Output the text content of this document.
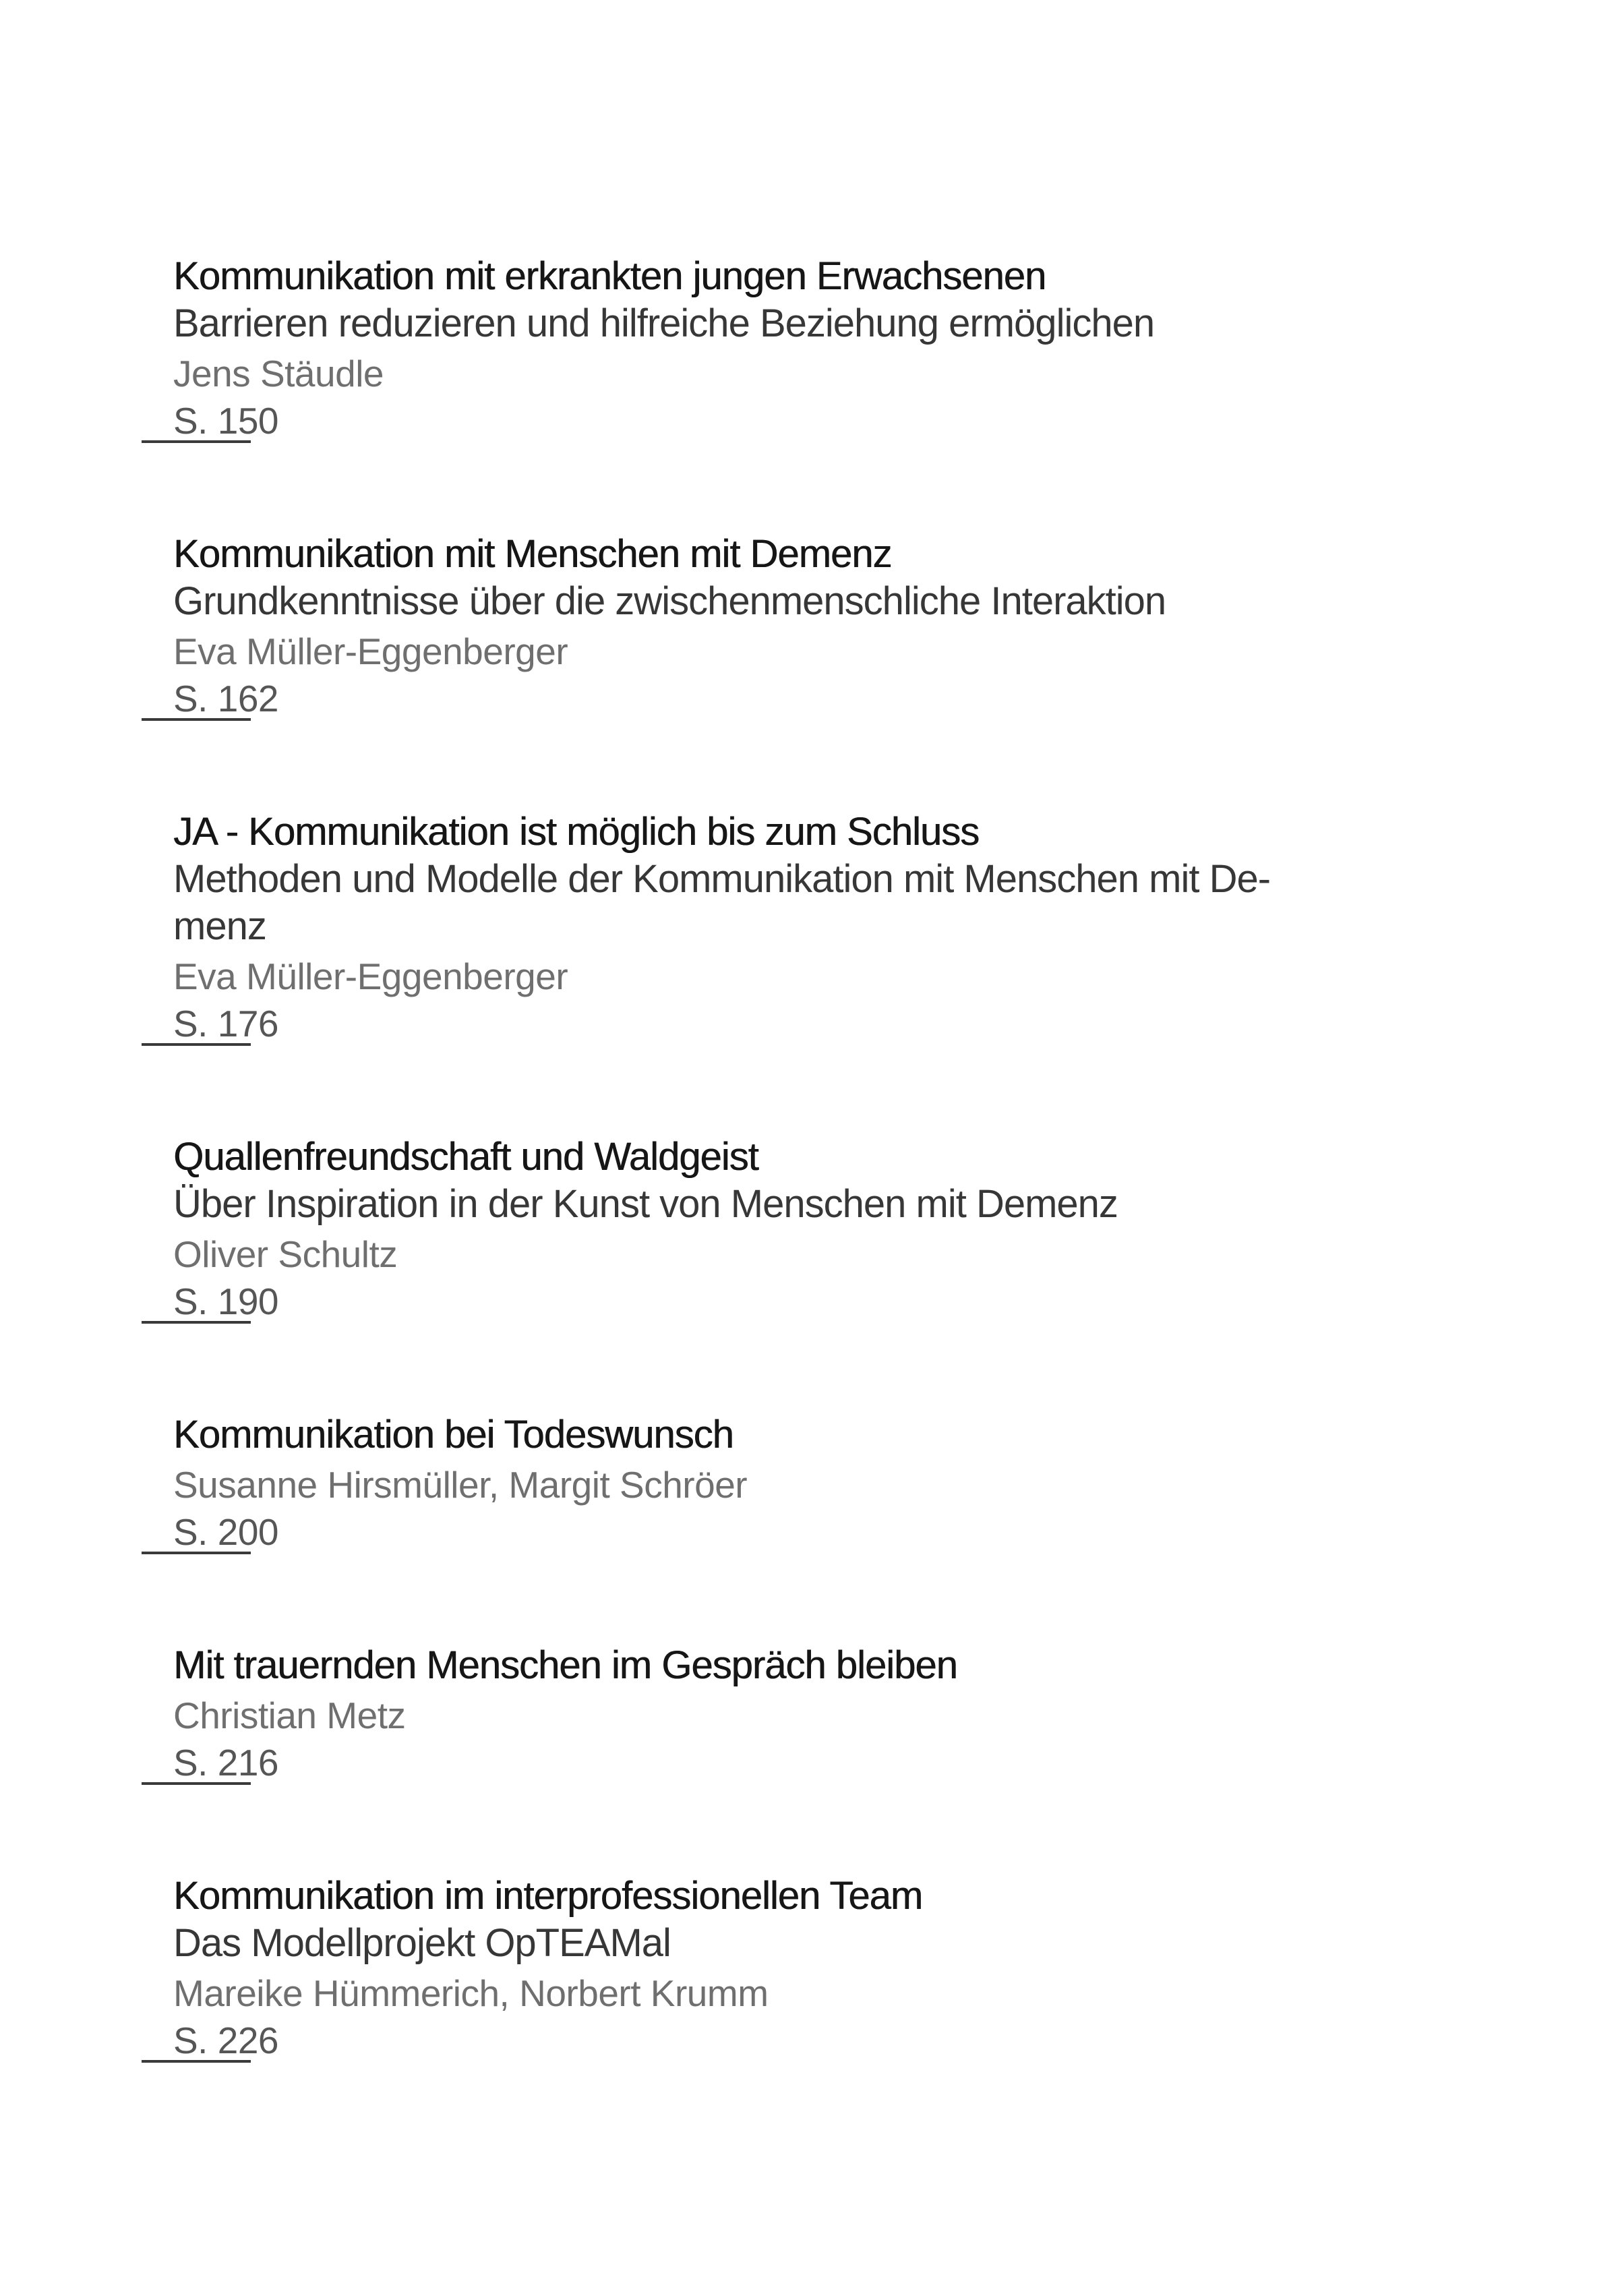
Kommunikation mit erkrankten jungen Erwachsenen
Barrieren reduzieren und hilfreiche Beziehung ermöglichen
Jens Stäudle
S. 150
Kommunikation mit Menschen mit Demenz
Grundkenntnisse über die zwischenmenschliche Interaktion
Eva Müller-Eggenberger
S. 162
JA - Kommunikation ist möglich bis zum Schluss
Methoden und Modelle der Kommunikation mit Menschen mit De-
menz
Eva Müller-Eggenberger
S. 176
Quallenfreundschaft und Waldgeist
Über Inspiration in der Kunst von Menschen mit Demenz
Oliver Schultz
S. 190
Kommunikation bei Todeswunsch
Susanne Hirsmüller, Margit Schröer
S. 200
Mit trauernden Menschen im Gespräch bleiben
Christian Metz
S. 216
Kommunikation im interprofessionellen Team
Das Modellprojekt OpTEAMal
Mareike Hümmerich, Norbert Krumm
S. 226
